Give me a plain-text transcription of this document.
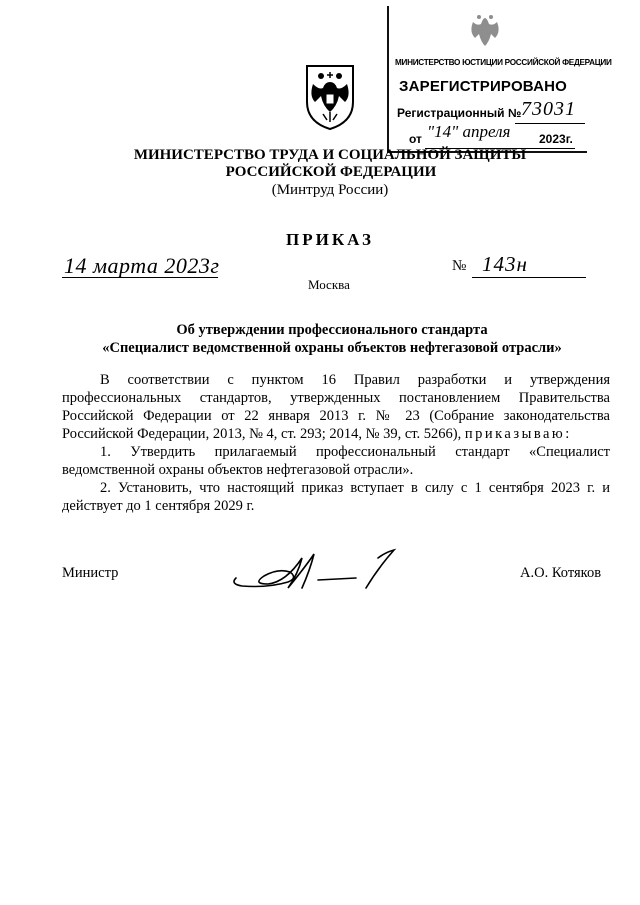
МИНИСТЕРСТВО ЮСТИЦИИ РОССИЙСКОЙ ФЕДЕРАЦИИ
ЗАРЕГИСТРИРОВАНО
Регистрационный № 73031
от "14" апреля 2023г.
МИНИСТЕРСТВО ТРУДА И СОЦИАЛЬНОЙ ЗАЩИТЫ
РОССИЙСКОЙ ФЕДЕРАЦИИ
(Минтруд России)
ПРИКАЗ
14 марта 2023г	№ 143н
Москва
Об утверждении профессионального стандарта
«Специалист ведомственной охраны объектов нефтегазовой отрасли»

В соответствии с пунктом 16 Правил разработки и утверждения профессиональных стандартов, утвержденных постановлением Правительства Российской Федерации от 22 января 2013 г. № 23 (Собрание законодательства Российской Федерации, 2013, № 4, ст. 293; 2014, № 39, ст. 5266), приказываю:

1. Утвердить прилагаемый профессиональный стандарт «Специалист ведомственной охраны объектов нефтегазовой отрасли».

2. Установить, что настоящий приказ вступает в силу с 1 сентября 2023 г. и действует до 1 сентября 2029 г.

Министр	А.О. Котяков
